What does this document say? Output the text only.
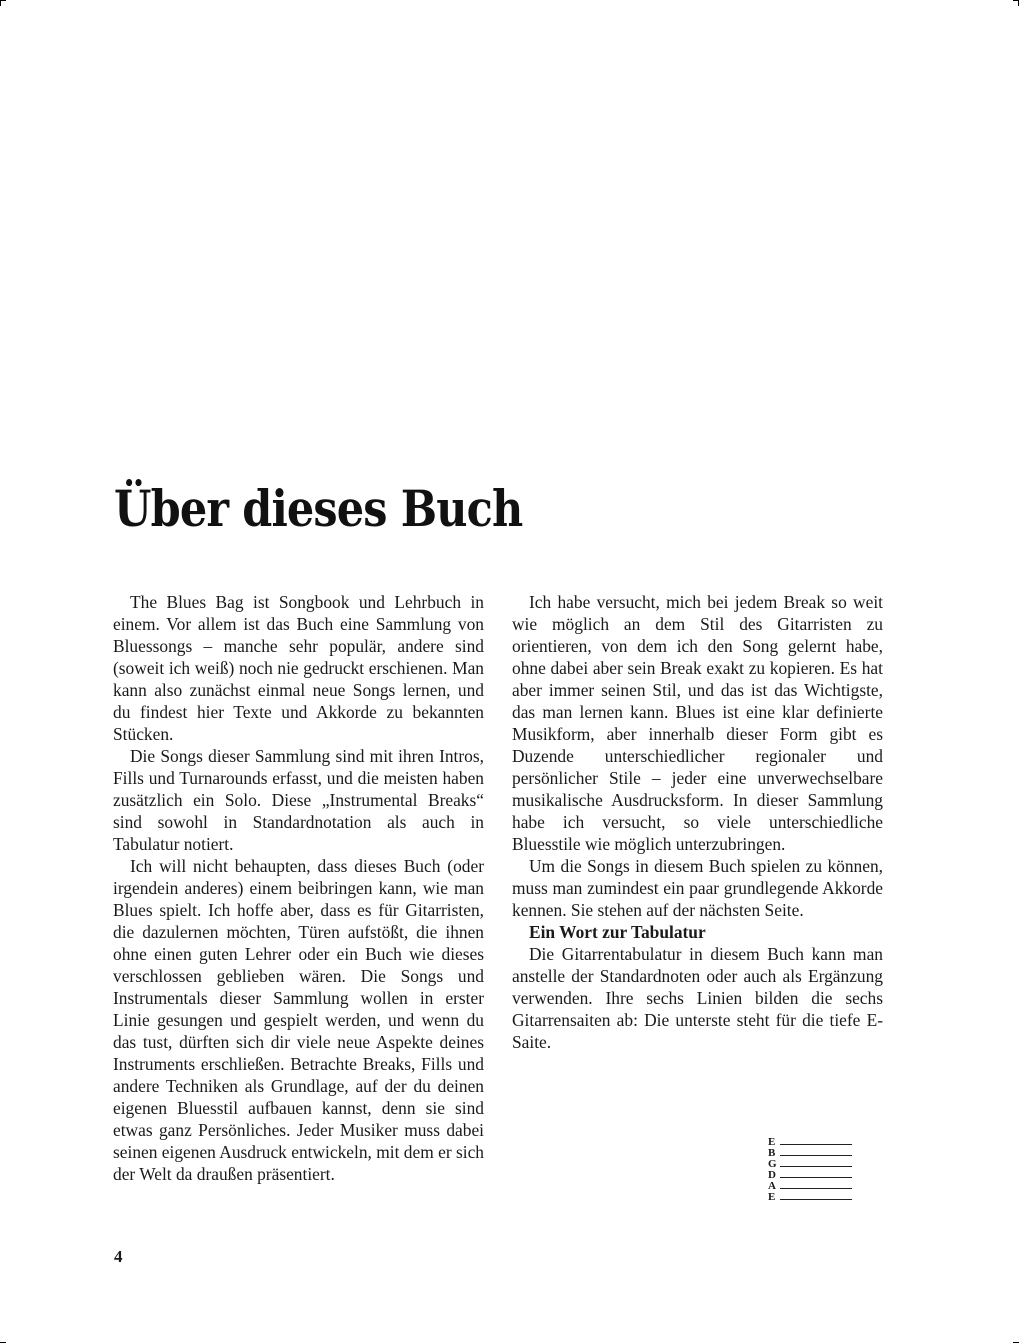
Über dieses Buch

The Blues Bag ist Songbook und Lehrbuch in einem. Vor allem ist das Buch eine Sammlung von Bluessongs – manche sehr populär, andere sind (soweit ich weiß) noch nie gedruckt erschienen. Man kann also zunächst einmal neue Songs lernen, und du findest hier Texte und Akkorde zu bekannten Stücken.

Die Songs dieser Sammlung sind mit ihren Intros, Fills und Turnarounds erfasst, und die meisten haben zusätzlich ein Solo. Diese „Instrumental Breaks“ sind sowohl in Standardnotation als auch in Tabulatur notiert.

Ich will nicht behaupten, dass dieses Buch (oder irgendein anderes) einem beibringen kann, wie man Blues spielt. Ich hoffe aber, dass es für Gitarristen, die dazulernen möchten, Türen aufstößt, die ihnen ohne einen guten Lehrer oder ein Buch wie dieses verschlossen geblieben wären. Die Songs und Instrumentals dieser Sammlung wollen in erster Linie gesungen und gespielt werden, und wenn du das tust, dürften sich dir viele neue Aspekte deines Instruments erschließen. Betrachte Breaks, Fills und andere Techniken als Grundlage, auf der du deinen eigenen Bluesstil aufbauen kannst, denn sie sind etwas ganz Persönliches. Jeder Musiker muss dabei seinen eigenen Ausdruck entwickeln, mit dem er sich der Welt da draußen präsentiert.

Ich habe versucht, mich bei jedem Break so weit wie möglich an dem Stil des Gitarristen zu orientieren, von dem ich den Song gelernt habe, ohne dabei aber sein Break exakt zu kopieren. Es hat aber immer seinen Stil, und das ist das Wichtigste, das man lernen kann. Blues ist eine klar definierte Musikform, aber innerhalb dieser Form gibt es Duzende unterschiedlicher regionaler und persönlicher Stile – jeder eine unverwechselbare musikalische Ausdrucksform. In dieser Sammlung habe ich versucht, so viele unterschiedliche Bluesstile wie möglich unterzubringen.

Um die Songs in diesem Buch spielen zu können, muss man zumindest ein paar grundlegende Akkorde kennen. Sie stehen auf der nächsten Seite.

Ein Wort zur Tabulatur

Die Gitarrentabulatur in diesem Buch kann man anstelle der Standardnoten oder auch als Ergänzung verwenden. Ihre sechs Linien bilden die sechs Gitarrensaiten ab: Die unterste steht für die tiefe E-Saite.

E
B
G
D
A
E
4
